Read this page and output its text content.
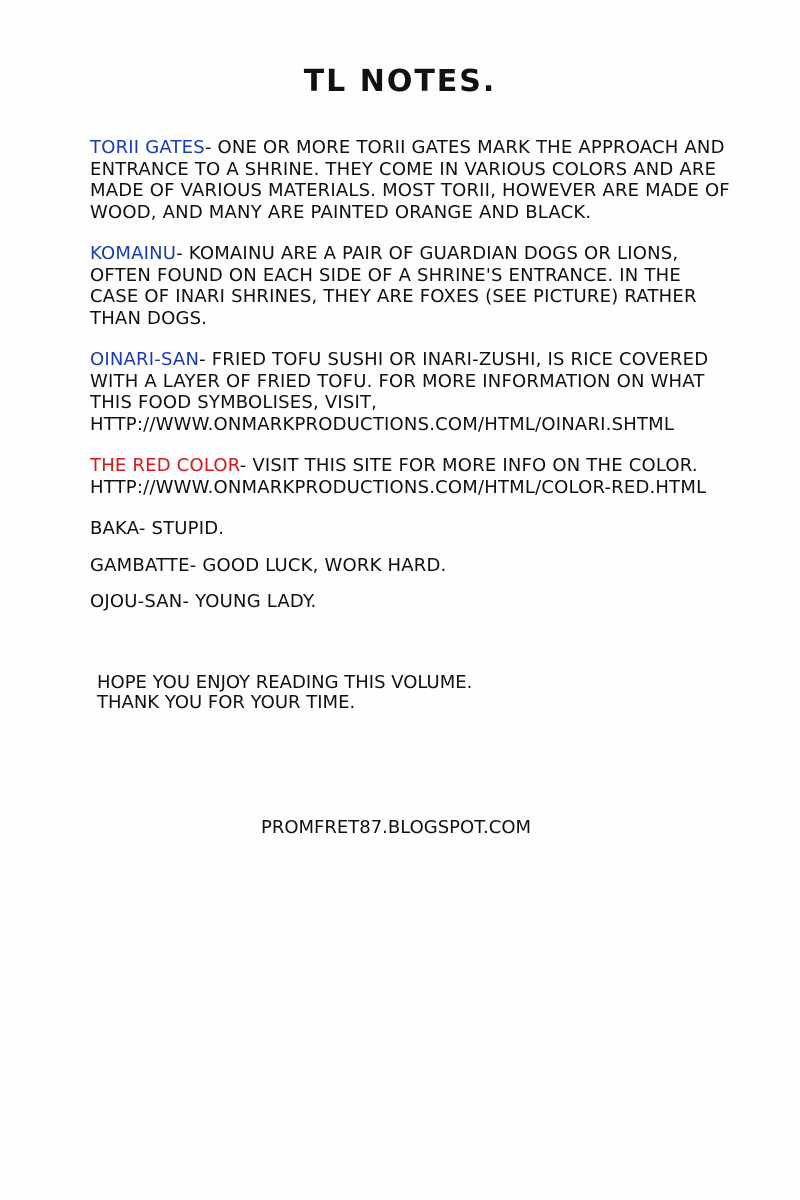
TL NOTES.

TORII GATES- ONE OR MORE TORII GATES MARK THE APPROACH AND ENTRANCE TO A SHRINE. THEY COME IN VARIOUS COLORS AND ARE MADE OF VARIOUS MATERIALS. MOST TORII, HOWEVER ARE MADE OF WOOD, AND MANY ARE PAINTED ORANGE AND BLACK.

KOMAINU- KOMAINU ARE A PAIR OF GUARDIAN DOGS OR LIONS, OFTEN FOUND ON EACH SIDE OF A SHRINE'S ENTRANCE. IN THE CASE OF INARI SHRINES, THEY ARE FOXES (SEE PICTURE) RATHER THAN DOGS.

OINARI-SAN- FRIED TOFU SUSHI OR INARI-ZUSHI, IS RICE COVERED WITH A LAYER OF FRIED TOFU. FOR MORE INFORMATION ON WHAT THIS FOOD SYMBOLISES, VISIT,
HTTP://WWW.ONMARKPRODUCTIONS.COM/HTML/OINARI.SHTML

THE RED COLOR- VISIT THIS SITE FOR MORE INFO ON THE COLOR.
HTTP://WWW.ONMARKPRODUCTIONS.COM/HTML/COLOR-RED.HTML

BAKA- STUPID.

GAMBATTE- GOOD LUCK, WORK HARD.

OJOU-SAN- YOUNG LADY.

HOPE YOU ENJOY READING THIS VOLUME.
THANK YOU FOR YOUR TIME.
PROMFRET87.BLOGSPOT.COM
